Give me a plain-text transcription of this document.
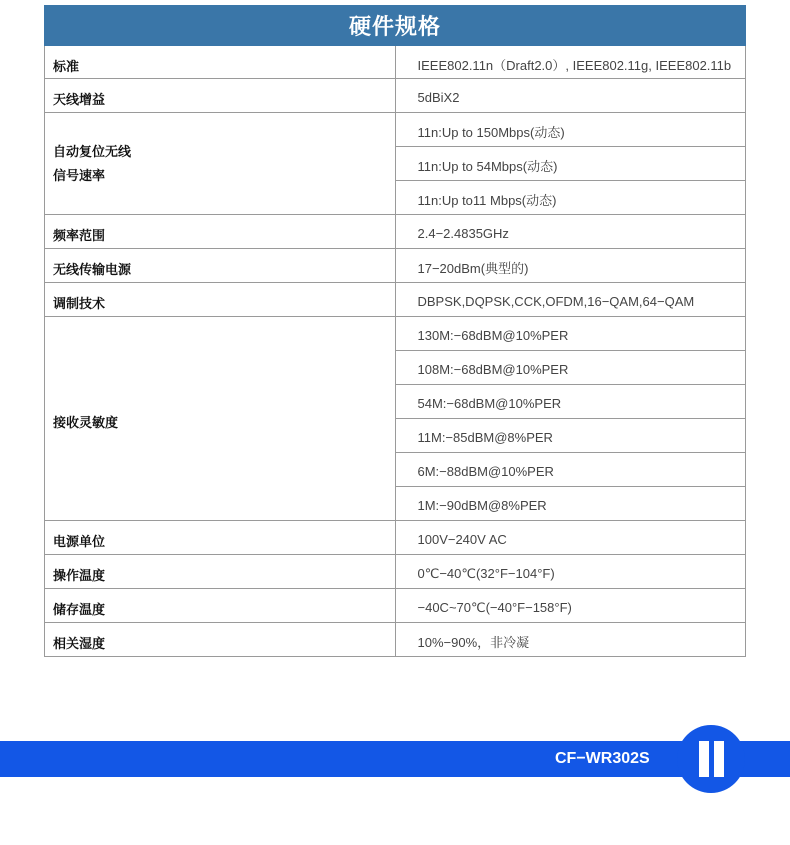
硬件规格	
标准	IEEE802.11n（Draft2.0）, IEEE802.11g, IEEE802.11b
天线增益	5dBiX2
自动复位无线
信号速率	11n:Up to 150Mbps(动态)
	11n:Up to 54Mbps(动态)
	11n:Up to11 Mbps(动态)
频率范围	2.4−2.4835GHz
无线传输电源	17−20dBm(典型的)
调制技术	DBPSK,DQPSK,CCK,OFDM,16−QAM,64−QAM
接收灵敏度	130M:−68dBM@10%PER
	108M:−68dBM@10%PER
	54M:−68dBM@10%PER
	11M:−85dBM@8%PER
	6M:−88dBM@10%PER
	1M:−90dBM@8%PER
电源单位	100V−240V AC
操作温度	0℃−40℃(32°F−104°F)
储存温度	−40C~70℃(−40°F−158°F)
相关湿度	10%−90%，非冷凝
CF−WR302S
